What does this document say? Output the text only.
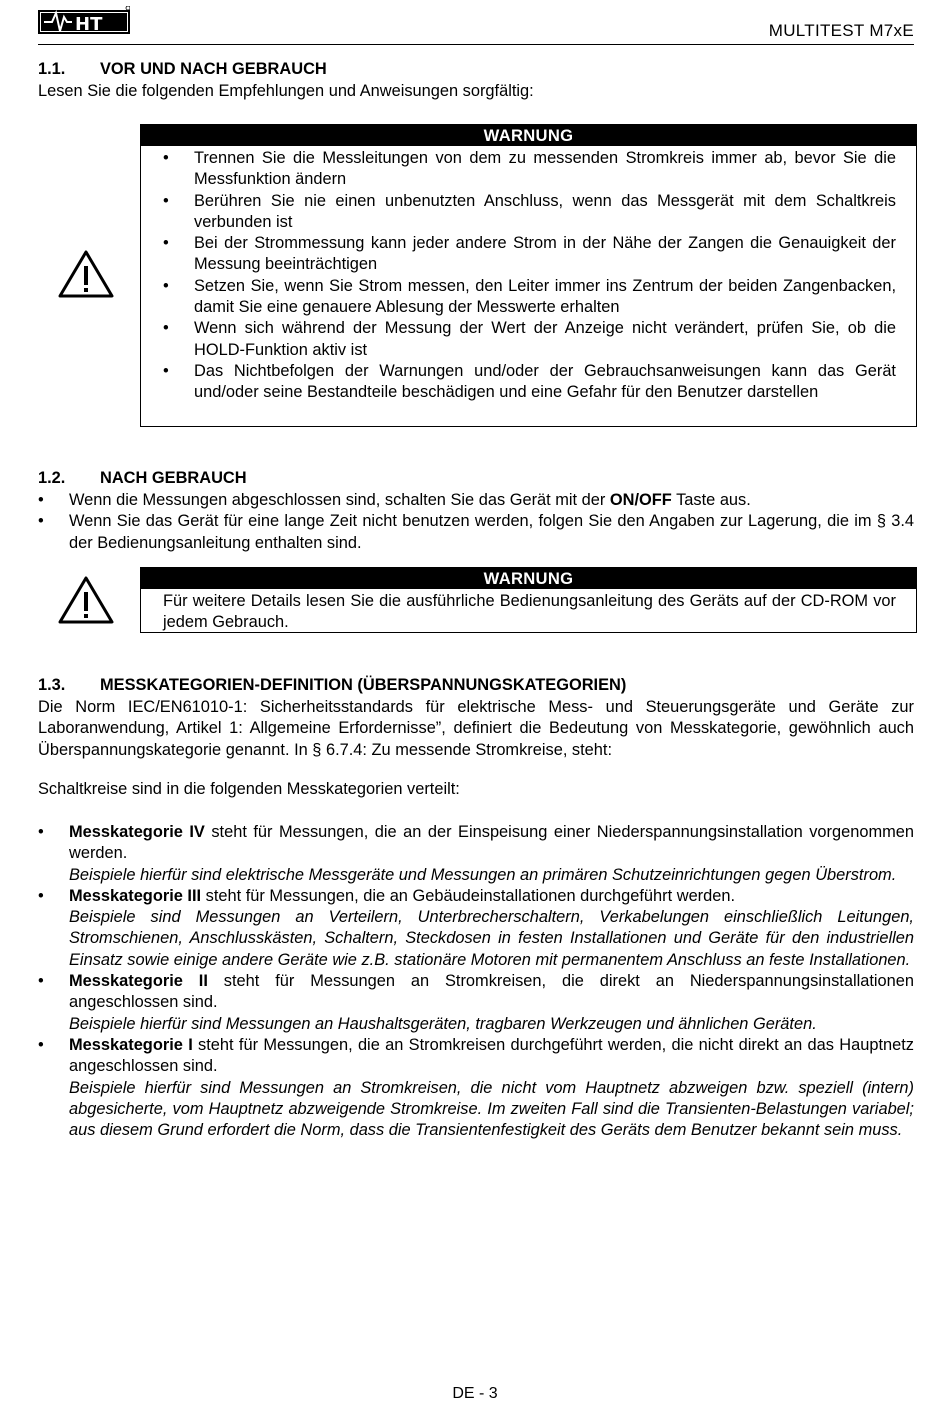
HT	MULTITEST M7xE
1.1. VOR UND NACH GEBRAUCH
Lesen Sie die folgenden Empfehlungen und Anweisungen sorgfältig:
WARNUNG
• Trennen Sie die Messleitungen von dem zu messenden Stromkreis immer ab, bevor Sie die Messfunktion ändern
• Berühren Sie nie einen unbenutzten Anschluss, wenn das Messgerät mit dem Schaltkreis verbunden ist
• Bei der Strommessung kann jeder andere Strom in der Nähe der Zangen die Genauigkeit der Messung beeinträchtigen
• Setzen Sie, wenn Sie Strom messen, den Leiter immer ins Zentrum der beiden Zangenbacken, damit Sie eine genauere Ablesung der Messwerte erhalten
• Wenn sich während der Messung der Wert der Anzeige nicht verändert, prüfen Sie, ob die HOLD-Funktion aktiv ist
• Das Nichtbefolgen der Warnungen und/oder der Gebrauchsanweisungen kann das Gerät und/oder seine Bestandteile beschädigen und eine Gefahr für den Benutzer darstellen
1.2. NACH GEBRAUCH
• Wenn die Messungen abgeschlossen sind, schalten Sie das Gerät mit der ON/OFF Taste aus.
• Wenn Sie das Gerät für eine lange Zeit nicht benutzen werden, folgen Sie den Angaben zur Lagerung, die im § 3.4 der Bedienungsanleitung enthalten sind.
WARNUNG
Für weitere Details lesen Sie die ausführliche Bedienungsanleitung des Geräts auf der CD-ROM vor jedem Gebrauch.
1.3. MESSKATEGORIEN-DEFINITION (ÜBERSPANNUNGSKATEGORIEN)
Die Norm IEC/EN61010-1: Sicherheitsstandards für elektrische Mess- und Steuerungsgeräte und Geräte zur Laboranwendung, Artikel 1: Allgemeine Erfordernisse”, definiert die Bedeutung von Messkategorie, gewöhnlich auch Überspannungskategorie genannt. In § 6.7.4: Zu messende Stromkreise, steht:
Schaltkreise sind in die folgenden Messkategorien verteilt:
• Messkategorie IV steht für Messungen, die an der Einspeisung einer Niederspannungsinstallation vorgenommen werden.
Beispiele hierfür sind elektrische Messgeräte und Messungen an primären Schutzeinrichtungen gegen Überstrom.
• Messkategorie III steht für Messungen, die an Gebäudeinstallationen durchgeführt werden.
Beispiele sind Messungen an Verteilern, Unterbrecherschaltern, Verkabelungen einschließlich Leitungen, Stromschienen, Anschlusskästen, Schaltern, Steckdosen in festen Installationen und Geräte für den industriellen Einsatz sowie einige andere Geräte wie z.B. stationäre Motoren mit permanentem Anschluss an feste Installationen.
• Messkategorie II steht für Messungen an Stromkreisen, die direkt an Niederspannungsinstallationen angeschlossen sind.
Beispiele hierfür sind Messungen an Haushaltsgeräten, tragbaren Werkzeugen und ähnlichen Geräten.
• Messkategorie I steht für Messungen, die an Stromkreisen durchgeführt werden, die nicht direkt an das Hauptnetz angeschlossen sind.
Beispiele hierfür sind Messungen an Stromkreisen, die nicht vom Hauptnetz abzweigen bzw. speziell (intern) abgesicherte, vom Hauptnetz abzweigende Stromkreise. Im zweiten Fall sind die Transienten-Belastungen variabel; aus diesem Grund erfordert die Norm, dass die Transientenfestigkeit des Geräts dem Benutzer bekannt sein muss.
DE - 3
